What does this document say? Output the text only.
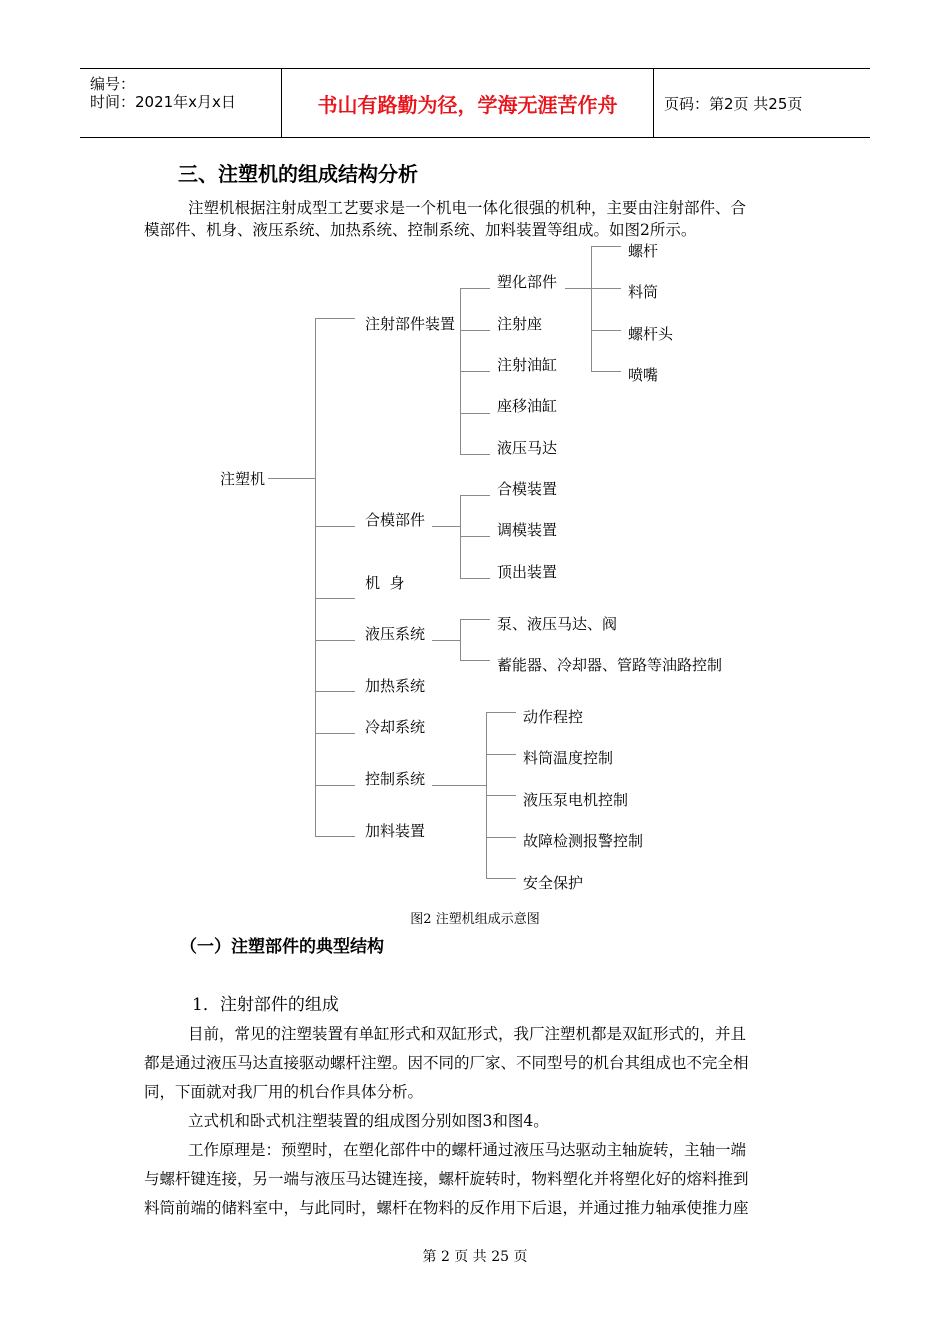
编号：
时间：2021年x月x日	书山有路勤为径，学海无涯苦作舟	页码：第2页 共25页
三、注塑机的组成结构分析

注塑机根据注射成型工艺要求是一个机电一体化很强的机种，主要由注射部件、合

模部件、机身、液压系统、加热系统、控制系统、加料装置等组成。如图2所示。

注塑机
注射部件装置
合模部件
机  身
液压系统
加热系统
冷却系统
控制系统
加料装置
塑化部件
注射座
注射油缸
座移油缸
液压马达
螺杆
料筒
螺杆头
喷嘴
合模装置
调模装置
顶出装置
泵、液压马达、阀
蓄能器、冷却器、管路等油路控制
动作程控
料筒温度控制
液压泵电机控制
故障检测报警控制
安全保护
图2 注塑机组成示意图
（一）注塑部件的典型结构
1．注射部件的组成

目前，常见的注塑装置有单缸形式和双缸形式，我厂注塑机都是双缸形式的，并且

都是通过液压马达直接驱动螺杆注塑。因不同的厂家、不同型号的机台其组成也不完全相

同，下面就对我厂用的机台作具体分析。

立式机和卧式机注塑装置的组成图分别如图3和图4。

工作原理是：预塑时，在塑化部件中的螺杆通过液压马达驱动主轴旋转，主轴一端

与螺杆键连接，另一端与液压马达键连接，螺杆旋转时，物料塑化并将塑化好的熔料推到

料筒前端的储料室中，与此同时，螺杆在物料的反作用下后退，并通过推力轴承使推力座

第 2 页 共 25 页
